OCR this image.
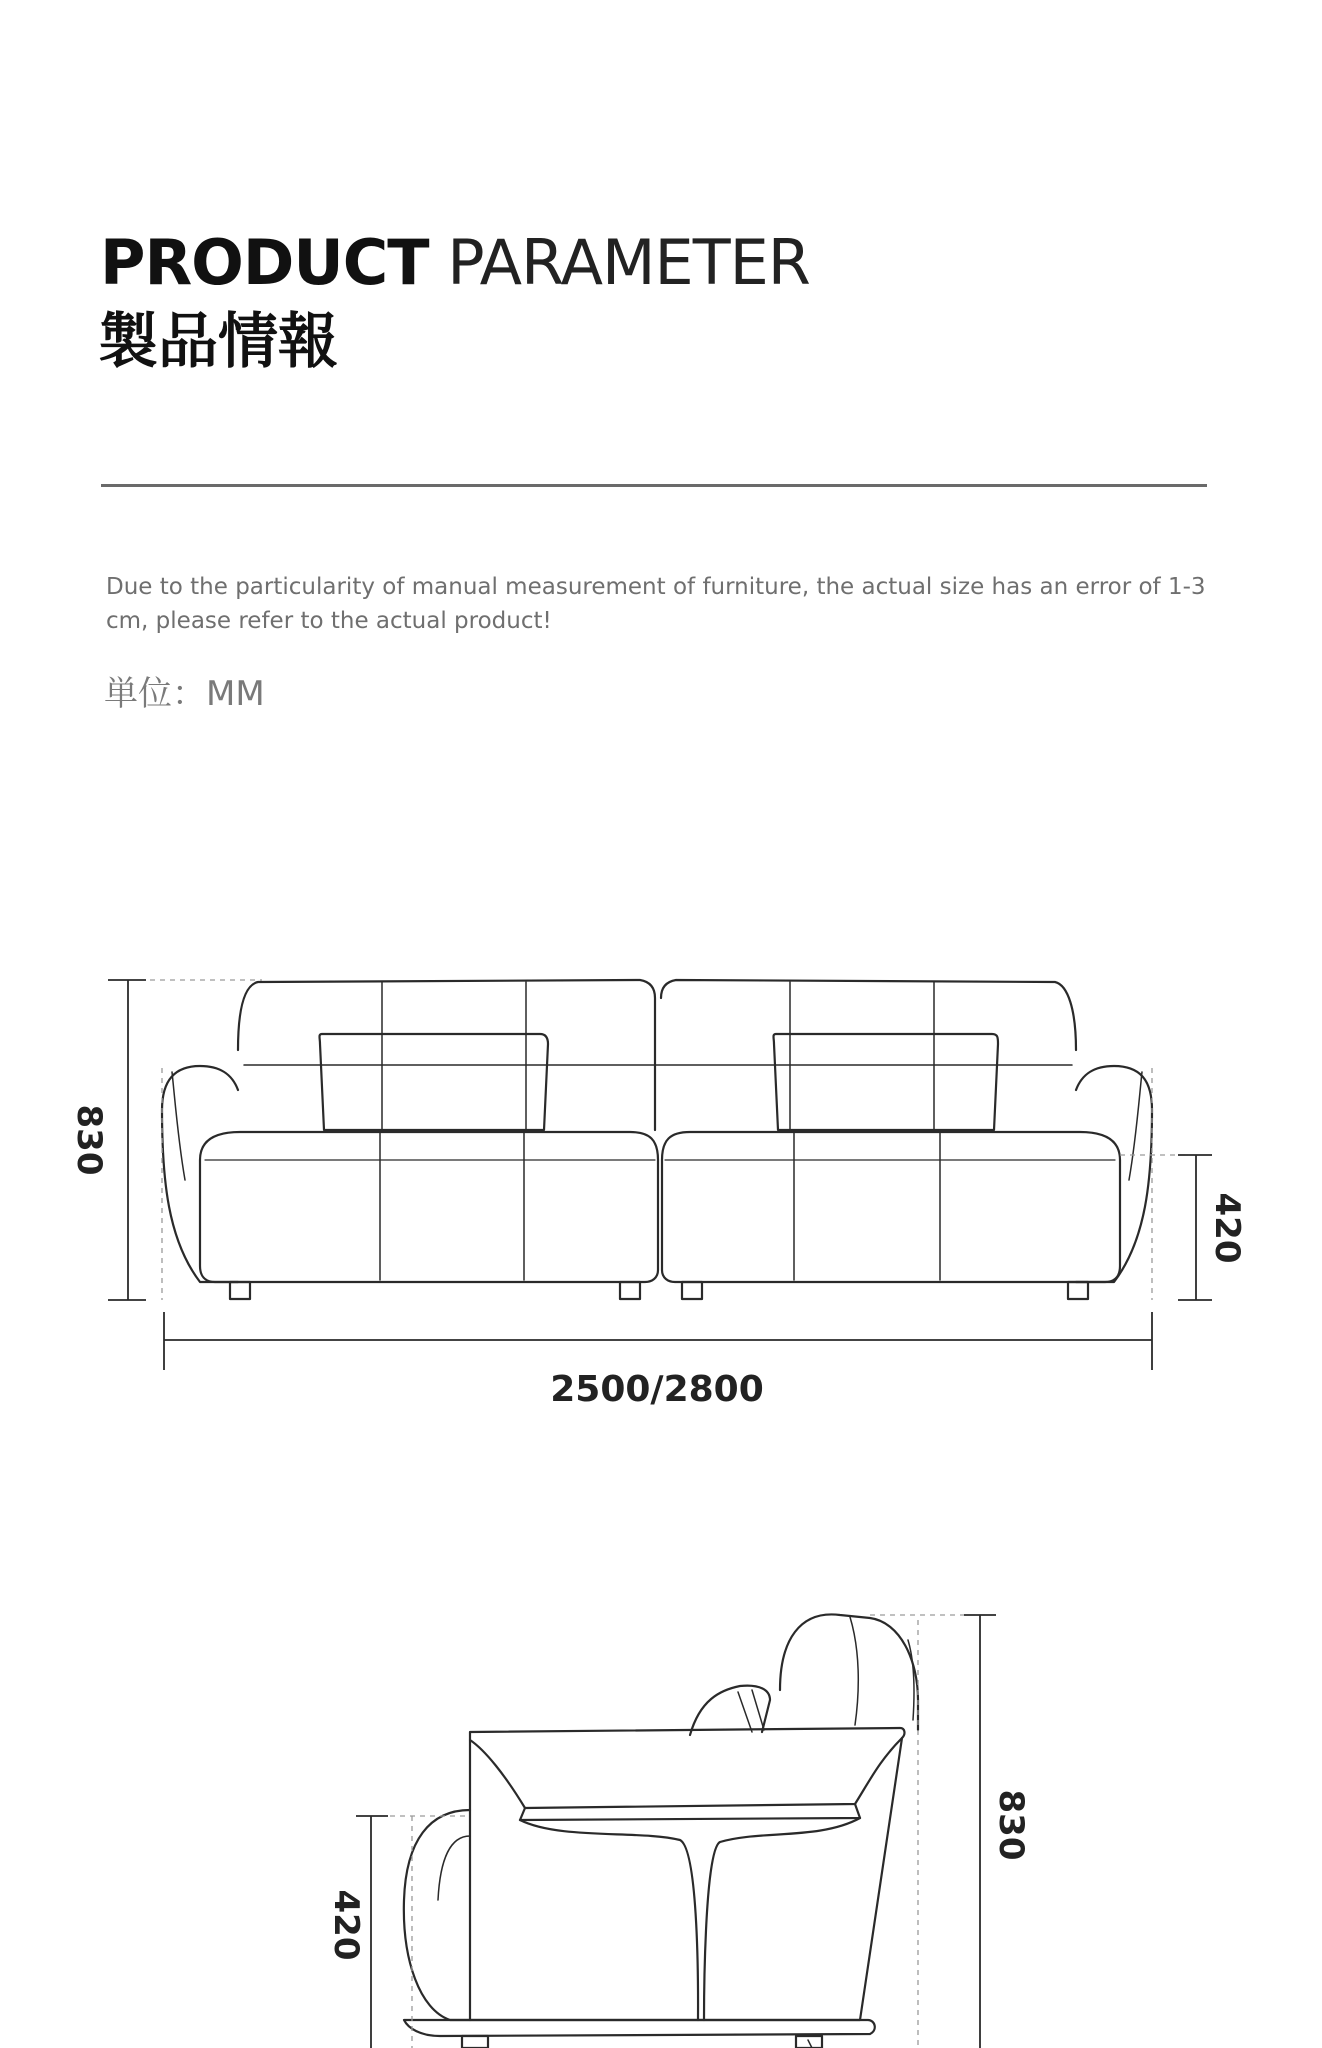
PRODUCT PARAMETER
製品情報
Due to the particularity of manual measurement of furniture, the actual size has an error of 1-3 cm, please refer to the actual product!
単位：MM
830
420
2500/2800
420
830
